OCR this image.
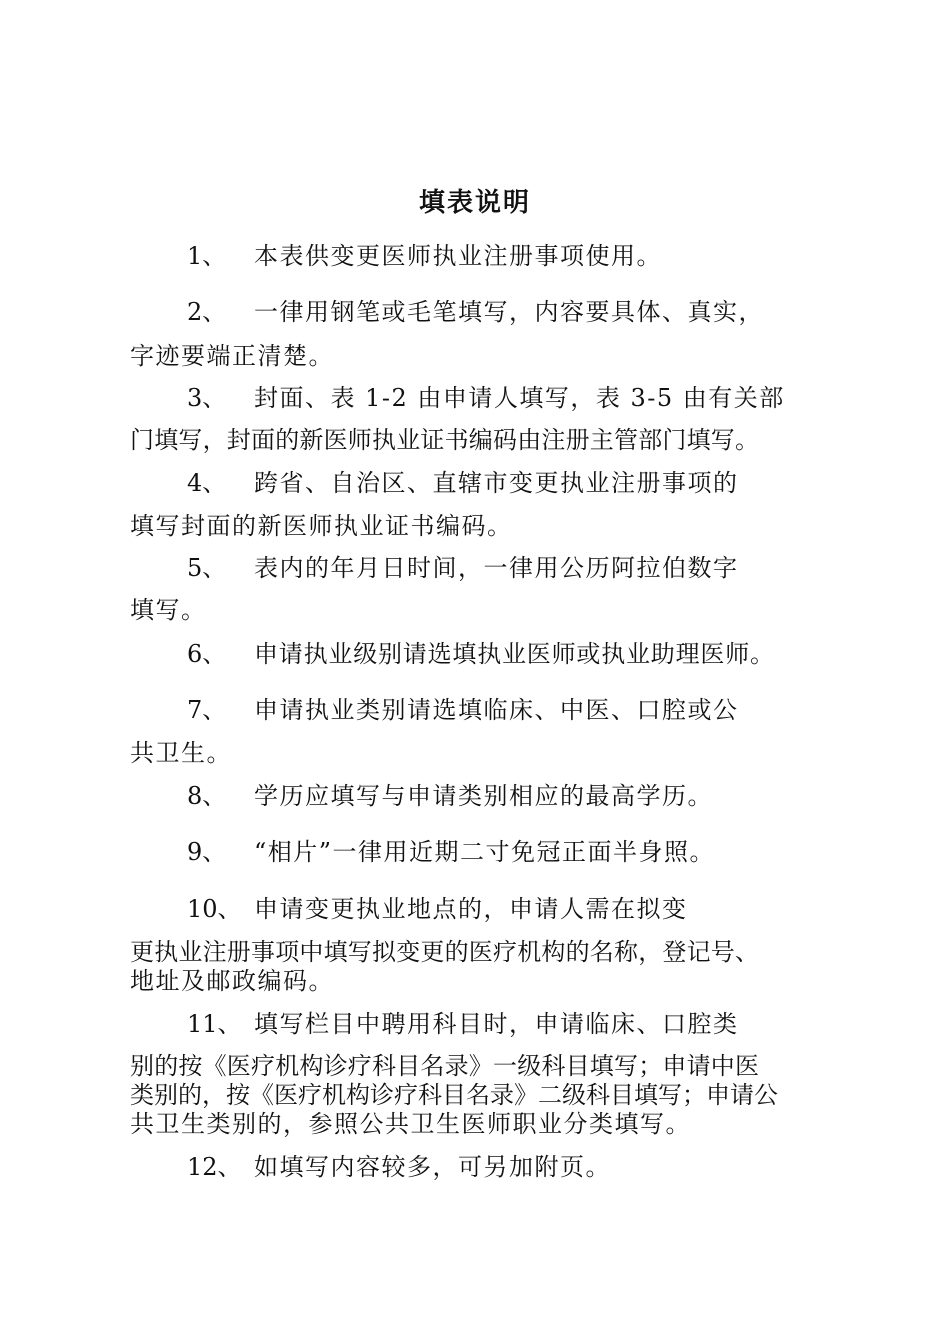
填表说明
1、 本表供变更医师执业注册事项使用。
2、 一律用钢笔或毛笔填写，内容要具体、真实，
字迹要端正清楚。
3、 封面、表 1-2 由申请人填写，表 3-5 由有关部
门填写，封面的新医师执业证书编码由注册主管部门填写。
4、 跨省、自治区、直辖市变更执业注册事项的
填写封面的新医师执业证书编码。
5、 表内的年月日时间，一律用公历阿拉伯数字
填写。
6、 申请执业级别请选填执业医师或执业助理医师。
7、 申请执业类别请选填临床、中医、口腔或公
共卫生。
8、 学历应填写与申请类别相应的最高学历。
9、 “相片”一律用近期二寸免冠正面半身照。
10、 申请变更执业地点的，申请人需在拟变
更执业注册事项中填写拟变更的医疗机构的名称，登记号、
地址及邮政编码。
11、 填写栏目中聘用科目时，申请临床、口腔类
别的按《医疗机构诊疗科目名录》一级科目填写；申请中医
类别的，按《医疗机构诊疗科目名录》二级科目填写；申请公
共卫生类别的，参照公共卫生医师职业分类填写。
12、 如填写内容较多，可另加附页。
